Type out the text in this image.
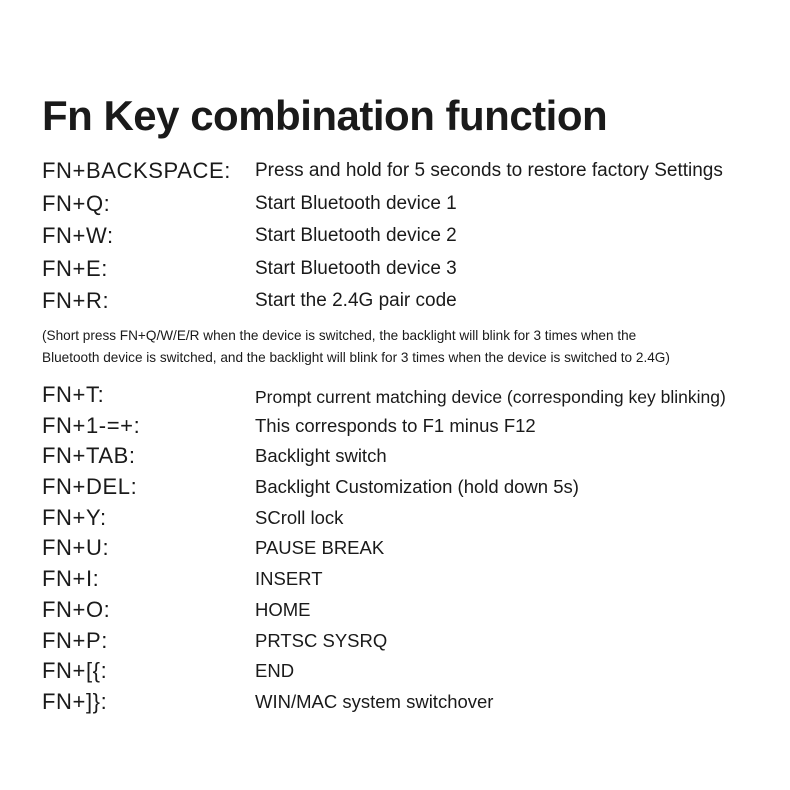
Fn Key combination function
FN+BACKSPACE: Press and hold for 5 seconds to restore factory Settings
FN+Q:	Start Bluetooth device 1
FN+W:	Start Bluetooth device 2
FN+E:	Start Bluetooth device 3
FN+R:	Start the 2.4G pair code
(Short press FN+Q/W/E/R when the device is switched, the backlight will blink for 3 times when the
Bluetooth device is switched, and the backlight will blink for 3 times when the device is switched to 2.4G)
FN+T:	Prompt current matching device (corresponding key blinking)
FN+1-=+:	This corresponds to F1 minus F12
FN+TAB:	Backlight switch
FN+DEL:	Backlight Customization (hold down 5s)
FN+Y:	SCroll lock
FN+U:	PAUSE BREAK
FN+I:	INSERT
FN+O:	HOME
FN+P:	PRTSC SYSRQ
FN+[{:	END
FN+]}:	WIN/MAC system switchover
